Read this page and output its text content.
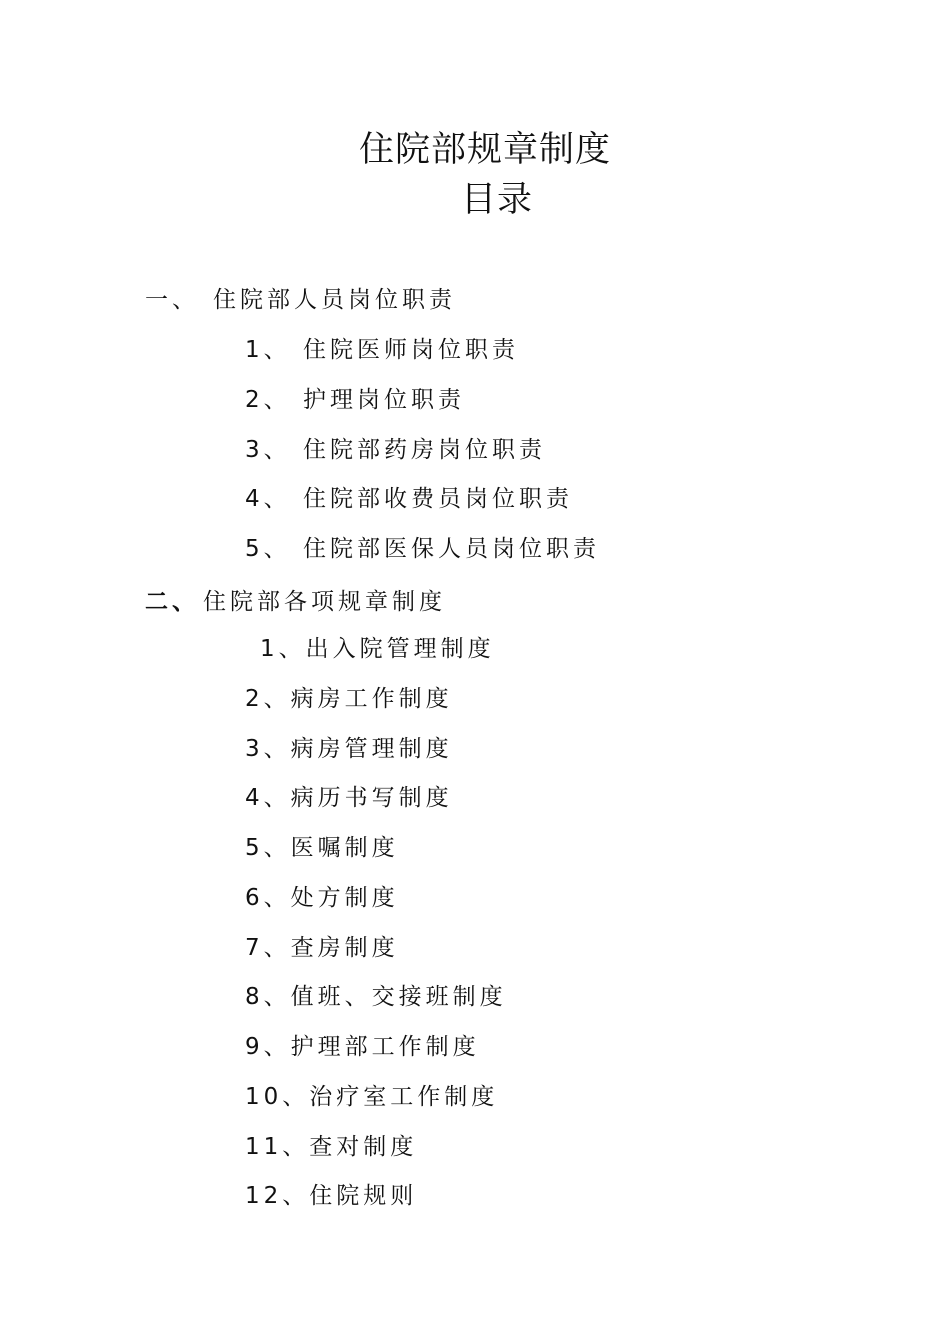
住院部规章制度
目录
一、 住院部人员岗位职责
1、 住院医师岗位职责
2、 护理岗位职责
3、 住院部药房岗位职责
4、 住院部收费员岗位职责
5、 住院部医保人员岗位职责
二、 住院部各项规章制度
1、出入院管理制度
2、病房工作制度
3、病房管理制度
4、病历书写制度
5、医嘱制度
6、处方制度
7、查房制度
8、值班、交接班制度
9、护理部工作制度
10、治疗室工作制度
11、查对制度
12、住院规则
